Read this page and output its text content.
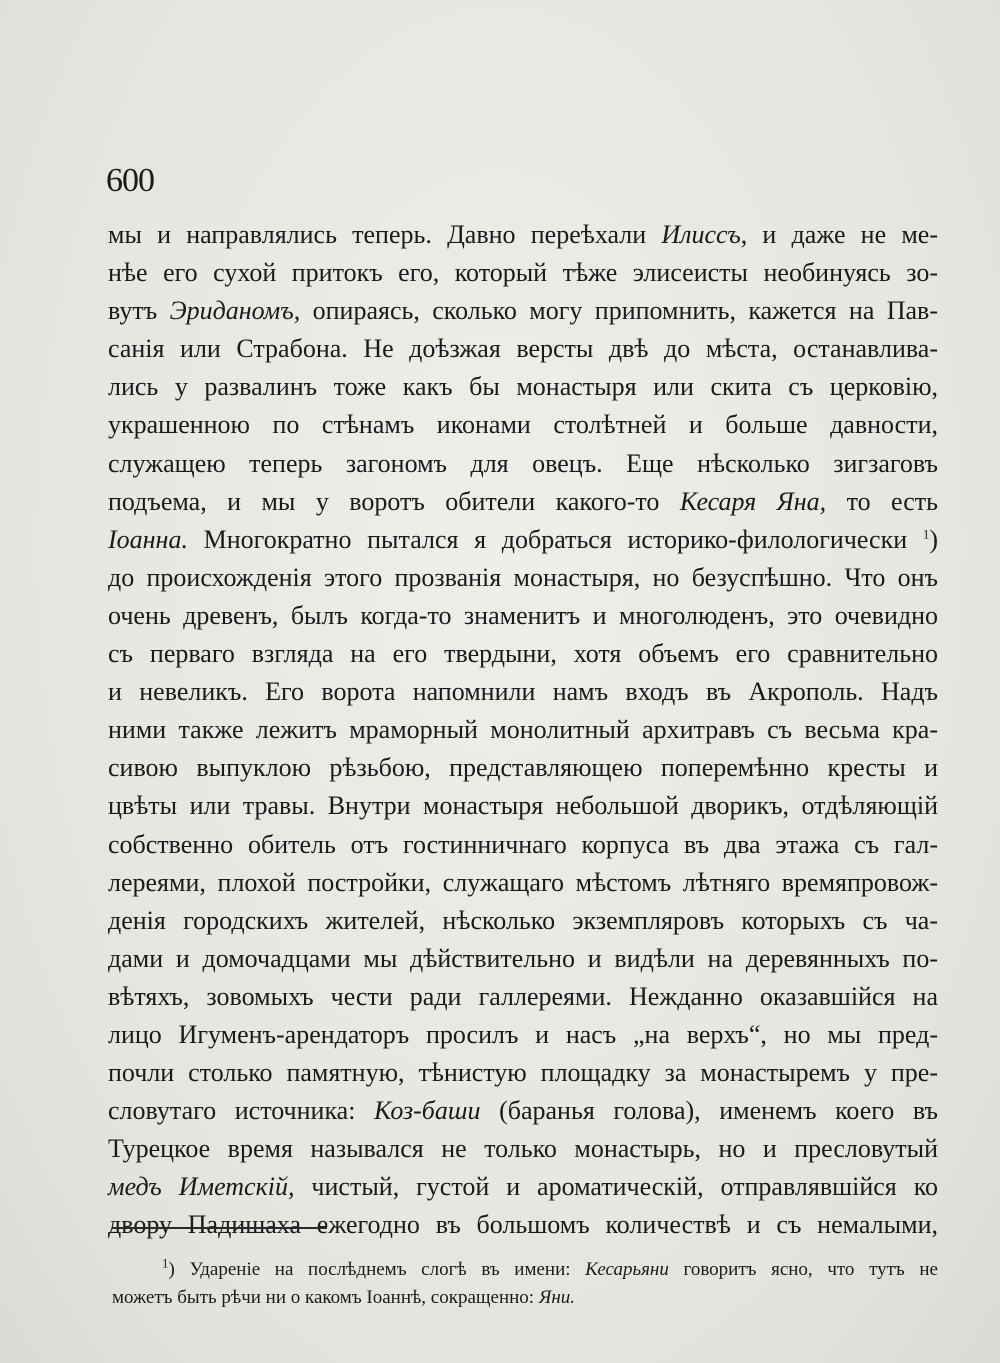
600
мы и направлялись теперь. Давно переѣхали Илиссъ, и даже не ме-
нѣе его сухой притокъ его, который тѣже элисеисты необинуясь зо-
вутъ Эриданомъ, опираясь, сколько могу припомнить, кажется на Пав-
санія или Страбона. Не доѣзжая версты двѣ до мѣста, останавлива-
лись у развалинъ тоже какъ бы монастыря или скита съ церковію,
украшенною по стѣнамъ иконами столѣтней и больше давности,
служащею теперь загономъ для овецъ. Еще нѣсколько зигзаговъ
подъема, и мы у воротъ обители какого-то Кесаря Яна, то есть
Іоанна. Многократно пытался я добраться историко-филологически $^1$)
до происхожденія этого прозванія монастыря, но безуспѣшно. Что онъ
очень древенъ, былъ когда-то знаменитъ и многолюденъ, это очевидно
съ перваго взгляда на его твердыни, хотя объемъ его сравнительно
и невеликъ. Его ворота напомнили намъ входъ въ Акрополь. Надъ
ними также лежитъ мраморный монолитный архитравъ съ весьма кра-
сивою выпуклою рѣзьбою, представляющею поперемѣнно кресты и
цвѣты или травы. Внутри монастыря небольшой дворикъ, отдѣляющій
собственно обитель отъ гостинничнаго корпуса въ два этажа съ гал-
лереями, плохой постройки, служащаго мѣстомъ лѣтняго времяпровож-
денія городскихъ жителей, нѣсколько экземпляровъ которыхъ съ ча-
дами и домочадцами мы дѣйствительно и видѣли на деревянныхъ по-
вѣтяхъ, зовомыхъ чести ради галлереями. Нежданно оказавшійся на
лицо Игуменъ-арендаторъ просилъ и насъ „на верхъ“, но мы пред-
почли столько памятную, тѣнистую площадку за монастыремъ у пре-
словутаго источника: Коз-баши (баранья голова), именемъ коего въ
Турецкое время назывался не только монастырь, но и пресловутый
медъ Иметскій, чистый, густой и ароматическій, отправлявшійся ко
двору Падишаха ежегодно въ большомъ количествѣ и съ немалыми,
$^1$) Удареніе на послѣднемъ слогѣ въ имени: Кесарьяни говоритъ ясно, что тутъ не
можетъ быть рѣчи ни о какомъ Іоаннѣ, сокращенно: Яни.
